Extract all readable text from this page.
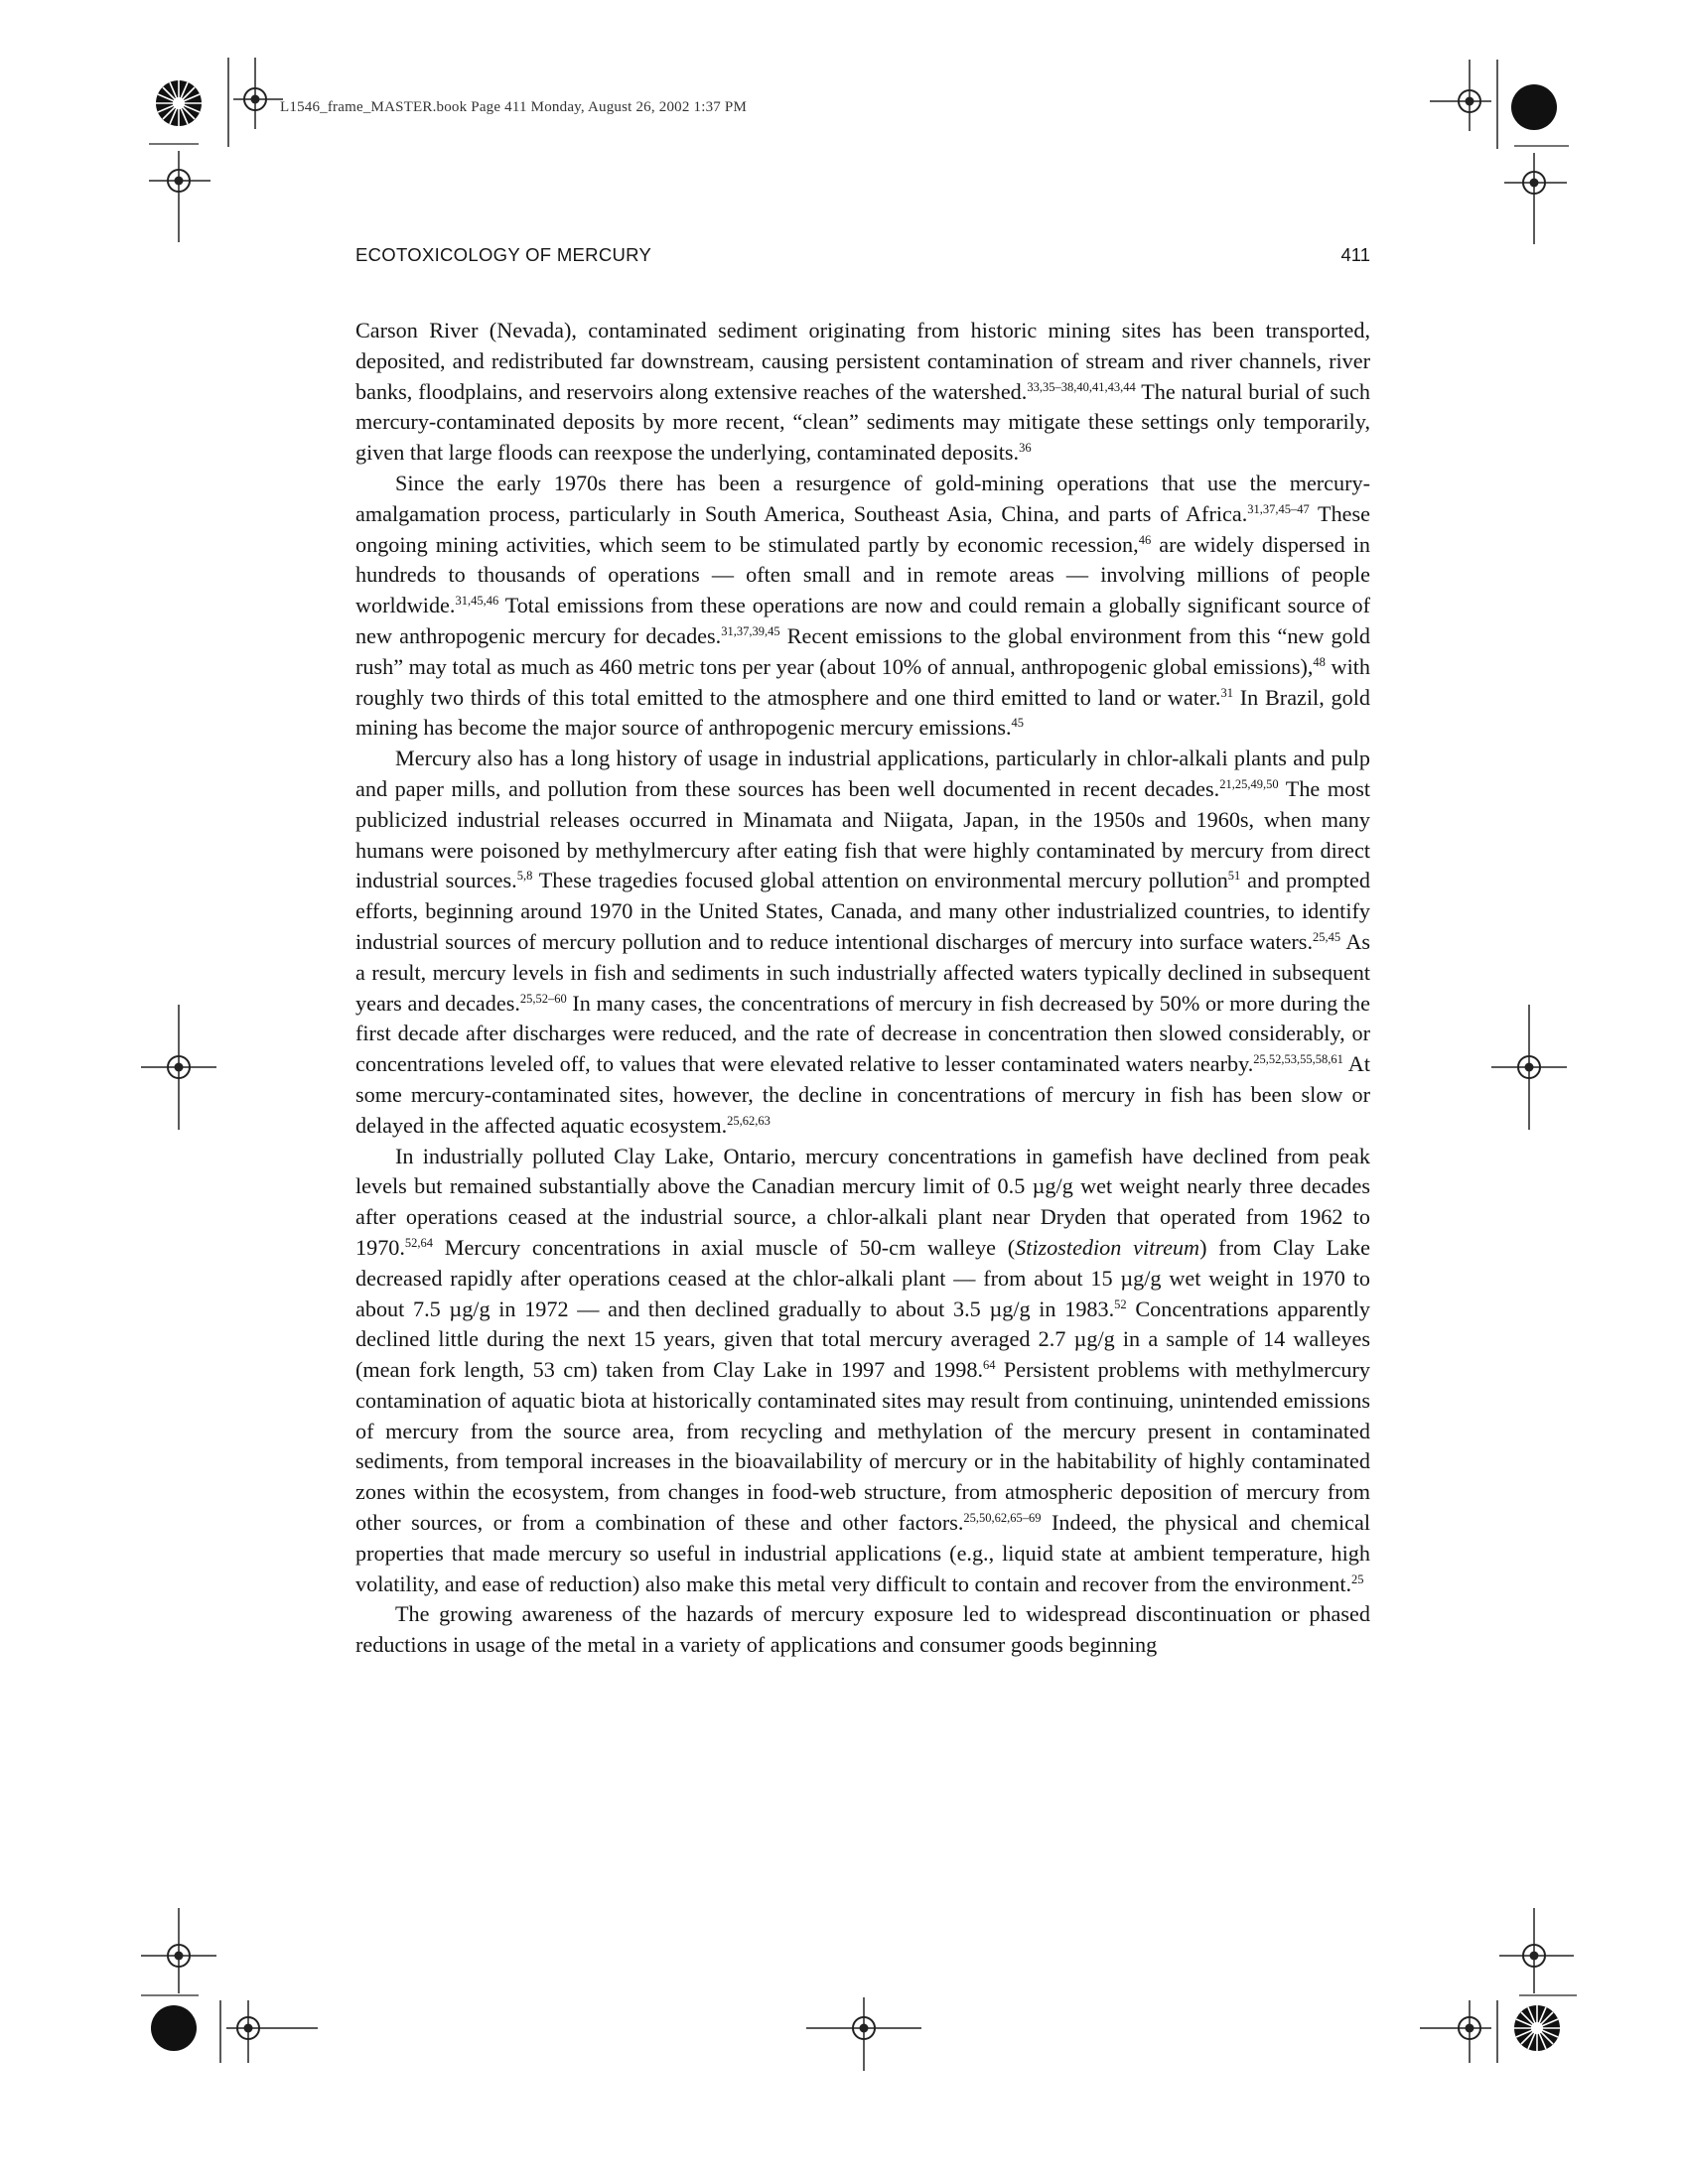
L1546_frame_MASTER.book Page 411 Monday, August 26, 2002 1:37 PM
ECOTOXICOLOGY OF MERCURY	411

Carson River (Nevada), contaminated sediment originating from historic mining sites has been transported, deposited, and redistributed far downstream, causing persistent contamination of stream and river channels, river banks, floodplains, and reservoirs along extensive reaches of the watershed.$^{33,35-38,40,41,43,44}$ The natural burial of such mercury-contaminated deposits by more recent, “clean” sediments may mitigate these settings only temporarily, given that large floods can reexpose the underlying, contaminated deposits.$^{36}$

Since the early 1970s there has been a resurgence of gold-mining operations that use the mercury-amalgamation process, particularly in South America, Southeast Asia, China, and parts of Africa.$^{31,37,45-47}$ These ongoing mining activities, which seem to be stimulated partly by economic recession,$^{46}$ are widely dispersed in hundreds to thousands of operations — often small and in remote areas — involving millions of people worldwide.$^{31,45,46}$ Total emissions from these operations are now and could remain a globally significant source of new anthropogenic mercury for decades.$^{31,37,39,45}$ Recent emissions to the global environment from this “new gold rush” may total as much as 460 metric tons per year (about 10% of annual, anthropogenic global emissions),$^{48}$ with roughly two thirds of this total emitted to the atmosphere and one third emitted to land or water.$^{31}$ In Brazil, gold mining has become the major source of anthropogenic mercury emissions.$^{45}$

Mercury also has a long history of usage in industrial applications, particularly in chlor-alkali plants and pulp and paper mills, and pollution from these sources has been well documented in recent decades.$^{21,25,49,50}$ The most publicized industrial releases occurred in Minamata and Niigata, Japan, in the 1950s and 1960s, when many humans were poisoned by methylmercury after eating fish that were highly contaminated by mercury from direct industrial sources.$^{5,8}$ These tragedies focused global attention on environmental mercury pollution$^{51}$ and prompted efforts, beginning around 1970 in the United States, Canada, and many other industrialized countries, to identify industrial sources of mercury pollution and to reduce intentional discharges of mercury into surface waters.$^{25,45}$ As a result, mercury levels in fish and sediments in such industrially affected waters typically declined in subsequent years and decades.$^{25,52-60}$ In many cases, the concentrations of mercury in fish decreased by 50% or more during the first decade after discharges were reduced, and the rate of decrease in concentration then slowed considerably, or concentrations leveled off, to values that were elevated relative to lesser contaminated waters nearby.$^{25,52,53,55,58,61}$ At some mercury-contaminated sites, however, the decline in concentrations of mercury in fish has been slow or delayed in the affected aquatic ecosystem.$^{25,62,63}$

In industrially polluted Clay Lake, Ontario, mercury concentrations in gamefish have declined from peak levels but remained substantially above the Canadian mercury limit of 0.5 µg/g wet weight nearly three decades after operations ceased at the industrial source, a chlor-alkali plant near Dryden that operated from 1962 to 1970.$^{52,64}$ Mercury concentrations in axial muscle of 50-cm walleye (Stizostedion vitreum) from Clay Lake decreased rapidly after operations ceased at the chlor-alkali plant — from about 15 µg/g wet weight in 1970 to about 7.5 µg/g in 1972 — and then declined gradually to about 3.5 µg/g in 1983.52 Concentrations apparently declined little during the next 15 years, given that total mercury averaged 2.7 µg/g in a sample of 14 walleyes (mean fork length, 53 cm) taken from Clay Lake in 1997 and 1998.64 Persistent problems with methylmercury contamination of aquatic biota at historically contaminated sites may result from continuing, unintended emissions of mercury from the source area, from recycling and methylation of the mercury present in contaminated sediments, from temporal increases in the bioavailability of mercury or in the habitability of highly contaminated zones within the ecosystem, from changes in food-web structure, from atmospheric deposition of mercury from other sources, or from a combination of these and other factors.$^{25,50,62,65-69}$ Indeed, the physical and chemical properties that made mercury so useful in industrial applications (e.g., liquid state at ambient temperature, high volatility, and ease of reduction) also make this metal very difficult to contain and recover from the environment.$^{25}$

The growing awareness of the hazards of mercury exposure led to widespread discontinuation or phased reductions in usage of the metal in a variety of applications and consumer goods beginning
